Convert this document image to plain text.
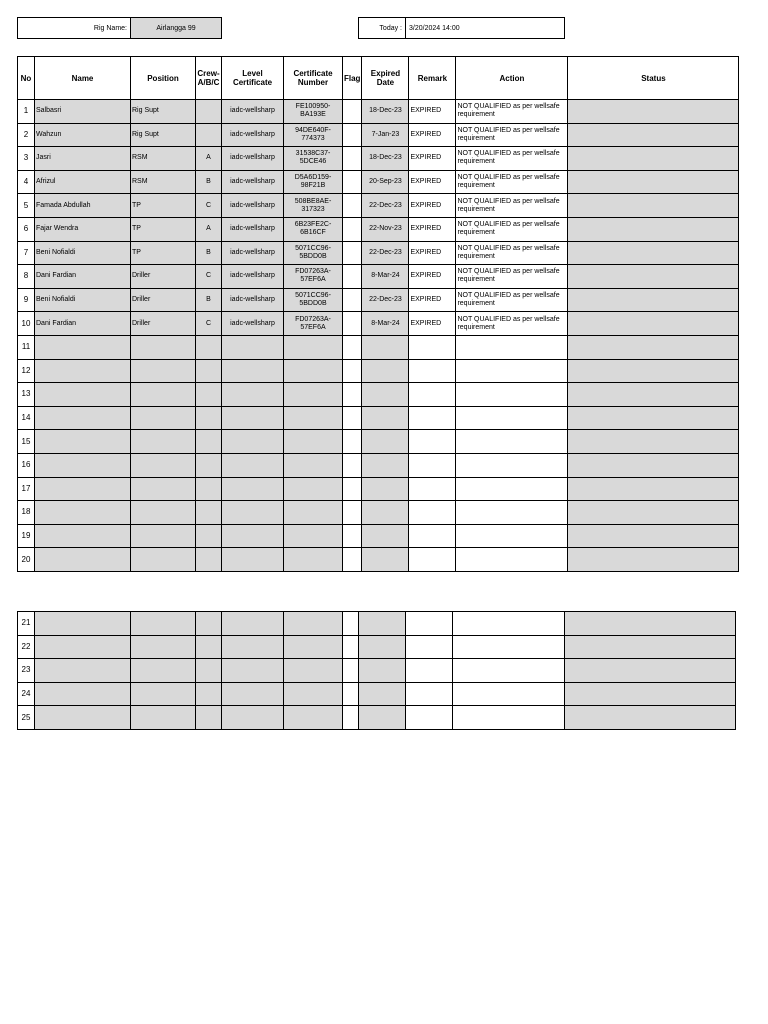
Rig Name:	Airlangga 99	Today :	3/20/2024 14:00
No	Name	Position	Crew-A/B/C	Level Certificate	Certificate Number	Flag	Expired Date	Remark	Action	Status
1	Salbasri	Rig Supt		iadc-wellsharp	FE100950-BA193E		18-Dec-23	EXPIRED	NOT QUALIFIED as per wellsafe requirement	
2	Wahzun	Rig Supt		iadc-wellsharp	94DE640F-774373		7-Jan-23	EXPIRED	NOT QUALIFIED as per wellsafe requirement	
3	Jasri	RSM	A	iadc-wellsharp	31538C37-5DCE46		18-Dec-23	EXPIRED	NOT QUALIFIED as per wellsafe requirement	
4	Afrizul	RSM	B	iadc-wellsharp	D5A6D159-98F21B		20-Sep-23	EXPIRED	NOT QUALIFIED as per wellsafe requirement	
5	Famada Abdullah	TP	C	iadc-wellsharp	508BE8AE-317323		22-Dec-23	EXPIRED	NOT QUALIFIED as per wellsafe requirement	
6	Fajar Wendra	TP	A	iadc-wellsharp	6B23FE2C-6B16CF		22-Nov-23	EXPIRED	NOT QUALIFIED as per wellsafe requirement	
7	Beni Nofialdi	TP	B	iadc-wellsharp	5071CC96-5BDD0B		22-Dec-23	EXPIRED	NOT QUALIFIED as per wellsafe requirement	
8	Dani Fardian	Driller	C	iadc-wellsharp	FD07263A-57EF6A		8-Mar-24	EXPIRED	NOT QUALIFIED as per wellsafe requirement	
9	Beni Nofialdi	Driller	B	iadc-wellsharp	5071CC96-5BDD0B		22-Dec-23	EXPIRED	NOT QUALIFIED as per wellsafe requirement	
10	Dani Fardian	Driller	C	iadc-wellsharp	FD07263A-57EF6A		8-Mar-24	EXPIRED	NOT QUALIFIED as per wellsafe requirement	
11										
12										
13										
14										
15										
16										
17										
18										
19										
20										
21										
22										
23										
24										
25										
